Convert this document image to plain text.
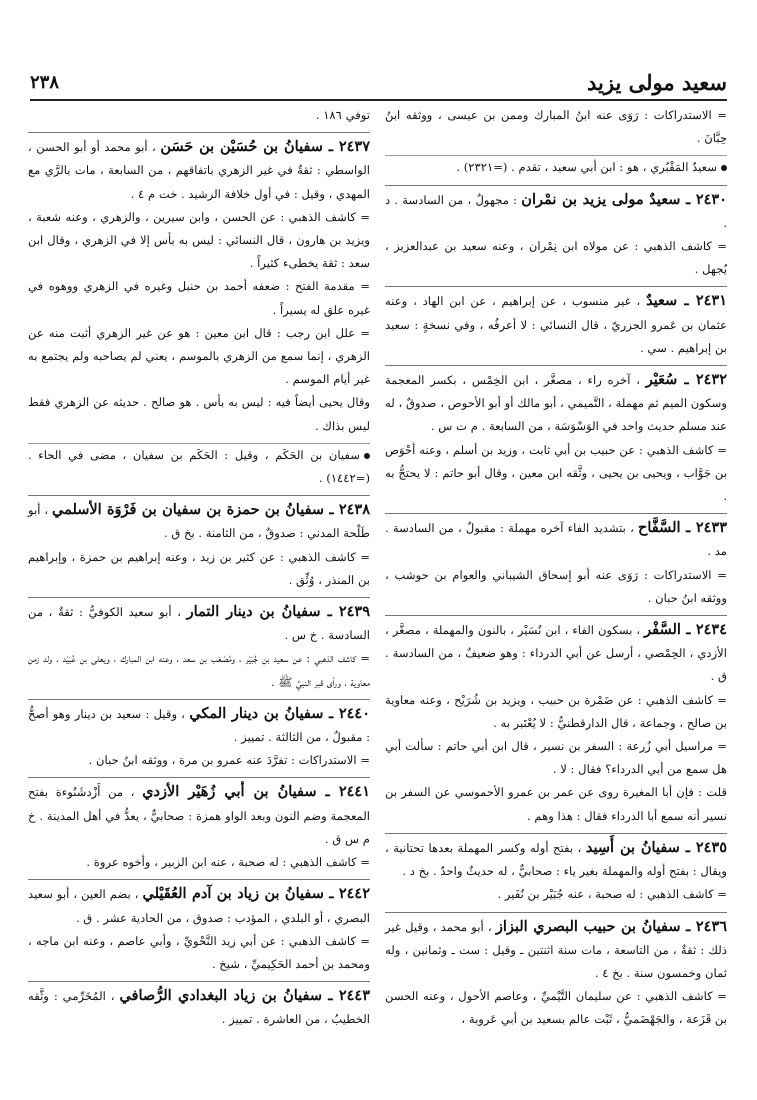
سعيد مولى يزيد
٢٣٨
= الاستدراكات : رَوَى عنه ابنُ المبارك وممن بن عيسى ، ووثقه ابنُ حِبَّانَ .
سعيدٌ المَقْبُري ، هو : ابن أبي سعيد ، تقدم . (=٢٣٢١) .
٢٤٣٠ ـ سعيدٌ مولى يزيد بن نمْران : مجهولٌ ، من السادسة . د .
= كاشف الذهبي : عن مولاه ابن نِمْران ، وعنه سعيد بن عبدالعزيز ، يُجهل .
٢٤٣١ ـ سعيدٌ ، غير منسوب ، عن إبراهيم ، عن ابن الهاد ، وعنه عثمان بن عَمرو الجزريّ ، قال النسائي : لا أعرفُه ، وفي نسخةٍ : سعيد بن إبراهيم . سي .
٢٤٣٢ ـ سُعَيْر ، آخره راء ، مصغَّر ، ابن الخِمْس ، بكسر المعجمة وسكون الميم ثم مهملة ، التَّميمي ، أبو مالك أو أبو الأحوص ، صدوقٌ ، له عند مسلم حديث واحد في الوَسْوَسَة ، من السابعة . م ت س .
= كاشف الذهبي : عن حبيب بن أبي ثابت ، وزيد بن أسلم ، وعنه أحْوَص بن جَوَّاب ، ويحيى بن يحيى ، وثَّقه ابن معين ، وقال أبو حاتم : لا يحتجُّ به .
٢٤٣٣ ـ السَّفَّاح ، بتشديد الفاء آخره مهملة : مقبولٌ ، من السادسة . مد .
= الاستدراكات : رَوَى عنه أبو إسحاق الشيباني والعوام بن حوشب ، ووثقه ابنُ حبان .
٢٤٣٤ ـ السَّفْر ، بسكون الفاء ، ابن نُسَيْر ، بالنون والمهملة ، مصغَّر ، الأزدي ، الحِمْصي ، أرسل عن أبي الدرداء : وهو ضعيفٌ ، من السادسة . ق .
= كاشف الذهبي : عن ضَمْرة بن حبيب ، ويزيد بن شُرَيْح ، وعنه معاوية بن صالح ، وجماعة ، قال الدارقطنيُّ : لا يُعْتَبر به .
= مراسيل أبي زُرعة : السفر بن نسير ، قال ابن أبي حاتم : سألت أبي هل سمع من أبي الدرداء؟ فقال : لا .
قلت : فإن أبا المغيرة روى عن عمر بن عمرو الأحموسي عن السفر بن نسير أنه سمع أبا الدرداء فقال : هذا وهم .
٢٤٣٥ ـ سفيانُ بن أَسِيد ، بفتح أوله وكسر المهملة بعدها تحتانية ، ويقال : بفتح أوله والمهملة بغير ياء : صحابيٌّ ، له حديثٌ واحدٌ . بخ د .
= كاشف الذهبي : له صحبة ، عنه جُبَيْر بن نُفَير .
٢٤٣٦ ـ سفيانُ بن حبيب البصري البزاز ، أبو محمد ، وقيل غير ذلك : ثقةٌ ، من التاسعة ، مات سنة اثنتين ـ وقيل : ست ـ وثمانين ، وله ثمان وخمسون سنة . بخ ٤ .
= كاشف الذهبي : عن سليمان التَّيْميِّ ، وعاصم الأحول ، وعنه الحسن بن قَزَعة ، والجَهْضَميُّ ، ثَبْت عالم بسعيد بن أبي عَروبة ،
توفي ١٨٦ .
٢٤٣٧ ـ سفيانُ بن حُسَيْن بن حَسَن ، أبو محمد أو أبو الحسن ، الواسطي : ثقةٌ في غير الزهري باتفاقهم ، من السابعة ، مات بالرَّي مع المهدي ، وقيل : في أول خلافة الرشيد . خت م ٤ .
= كاشف الذهبي : عن الحسن ، وابن سيرين ، والزهري ، وعنه شعبة ، ويزيد بن هارون ، قال النسائي : ليس به بأس إلا في الزهري ، وقال ابن سعد : ثقة يخطىء كثيراً .
= مقدمة الفتح : ضعفه أحمد بن حنبل وغيره في الزهري ووهوه في غيره علق له يسيراً .
= علل ابن رجب : قال ابن معين : هو عن غير الزهري أثبت منه عن الزهري ، إنما سمع من الزهري بالموسم ، يعني لم يصاحبه ولم يجتمع به غير أيام الموسم .
وقال يحيى أيضاً فيه : ليس به بأس . هو صالح . حديثه عن الزهري فقط ليس بذاك .
سفيان بن الحَكَم ، وقيل : الحَكَم بن سفيان ، مضى في الحاء . (=١٤٤٢) .
٢٤٣٨ ـ سفيانُ بن حمزة بن سفيان بن فَرْوَة الأسلمي ، أبو طَلْحة المدني : صدوقٌ ، من الثامنة . بخ ق .
= كاشف الذهبي : عن كثير بن زيد ، وعنه إبراهيم بن حمزة ، وإبراهيم بن المنذر ، وُثِّق .
٢٤٣٩ ـ سفيانُ بن دينار التمار ، أبو سعيد الكوفيُّ : ثقةٌ ، من السادسة . خ س .
= كاشف الذهبي : عن سعيد بن جُبَيْر ، ومُصْعَب بن سعد ، وعنه ابن المبارك ، ويعلى بن عُبَيْد ، ولد زمن معاوية ، ورأى قبر النبيِّ ﷺ .
٢٤٤٠ ـ سفيانُ بن دينار المكي ، وقيل : سعيد بن دينار وهو أصحُّ : مقبولٌ ، من الثالثة . تمييز .
= الاستدراكات : تفرَّدَ عنه عمرو بن مرة ، ووثقه ابنُ حبان .
٢٤٤١ ـ سفيانُ بن أبي زُهَيْر الأزدي ، من أَزْدشَنُوءة بفتح المعجمة وضم النون وبعد الواو همزة : صحابيٌّ ، يعدُّ في أهل المدينة . خ م س ق .
= كاشف الذهبي : له صحبة ، عنه ابن الزبير ، وأخوه عروة .
٢٤٤٢ ـ سفيانُ بن زياد بن آدم العُقَيْلي ، بضم العين ، أبو سعيد البصري ، أو البلدي ، المؤدب : صدوق ، من الحادية عشر . ق .
= كاشف الذهبي : عن أبي زيد النَّحْويِّ ، وأبي عاصم ، وعنه ابن ماجه ، ومحمد بن أحمد الحَكِيميِّ ، شيخ .
٢٤٤٣ ـ سفيانُ بن زياد البغدادي الرُّصافي ، المُخَرِّمي : وثَّقه الخطيبُ ، من العاشرة . تمييز .
